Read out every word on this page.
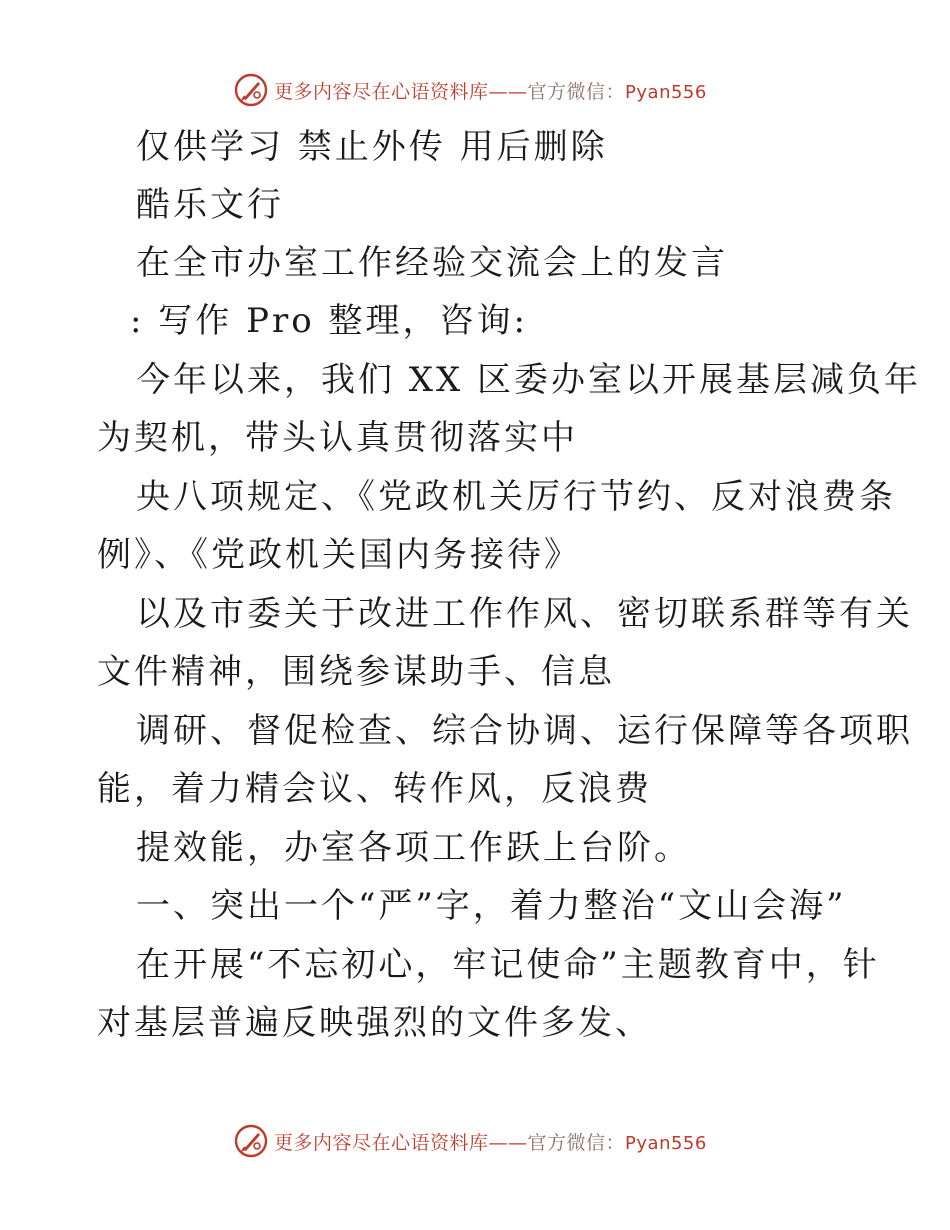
更多内容尽在心语资料库——官方微信：Pyan556
仅供学习 禁止外传 用后删除
酷乐文行
在全市办室工作经验交流会上的发言
: 写作 Pro 整理，咨询:
今年以来，我们 XX 区委办室以开展基层减负年
为契机，带头认真贯彻落实中
央八项规定、《党政机关厉行节约、反对浪费条
例》、《党政机关国内务接待》
以及市委关于改进工作作风、密切联系群等有关
文件精神，围绕参谋助手、信息
调研、督促检查、综合协调、运行保障等各项职
能，着力精会议、转作风，反浪费
提效能，办室各项工作跃上台阶。
一、突出一个“严”字，着力整治“文山会海”
在开展“不忘初心，牢记使命”主题教育中，针
对基层普遍反映强烈的文件多发、
更多内容尽在心语资料库——官方微信：Pyan556
